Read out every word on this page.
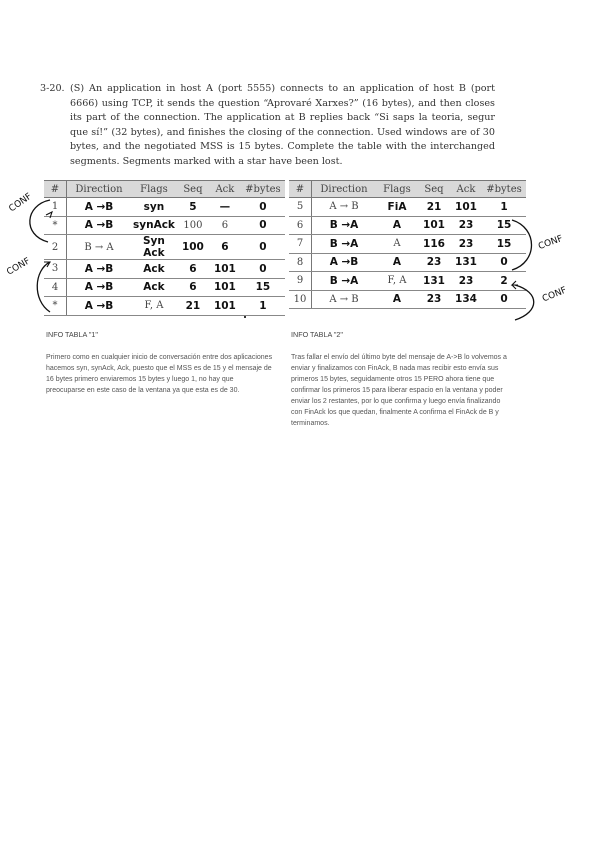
3-20. (S) An application in host A (port 5555) connects to an application of host B (port 6666) using TCP, it sends the question “Aprovaré Xarxes?” (16 bytes), and then closes its part of the connection. The application at B replies back “Si saps la teoria, segur que sí!” (32 bytes), and finishes the closing of the connection. Used windows are of 30 bytes, and the negotiated MSS is 15 bytes. Complete the table with the interchanged segments. Segments marked with a star have been lost.
#	Direction	Flags	Seq	Ack	#bytes
1	A →B	syn	5	—	0
*	A →B	synAck	100	6	0
2	B → A	Syn Ack	100	6	0
3	A →B	Ack	6	101	0
4	A →B	Ack	6	101	15
*	A →B	F, A	21	101	1
#	Direction	Flags	Seq	Ack	#bytes
5	A → B	FiA	21	101	1
6	B →A	A	101	23	15
7	B →A	A	116	23	15
8	A →B	A	23	131	0
9	B →A	F, A	131	23	2
10	A → B	A	23	134	0
CONF
CONF
CONF
CONF
INFO TABLA "1"
Primero como en cualquier inicio de conversación entre dos aplicaciones hacemos syn, synAck, Ack, puesto que el MSS es de 15 y el mensaje de 16 bytes primero enviaremos 15 bytes y luego 1, no hay que preocuparse en este caso de la ventana ya que esta es de 30.
INFO TABLA "2"
Tras fallar el envío del último byte del mensaje de A->B lo volvemos a enviar y finalizamos con FinAck, B nada mas recibir esto envía sus primeros 15 bytes, seguidamente otros 15 PERO ahora tiene que confirmar los primeros 15 para liberar espacio en la ventana y poder enviar los 2 restantes, por lo que confirma y luego envía finalizando con FinAck los que quedan, finalmente A confirma el FinAck de B y terminamos.
